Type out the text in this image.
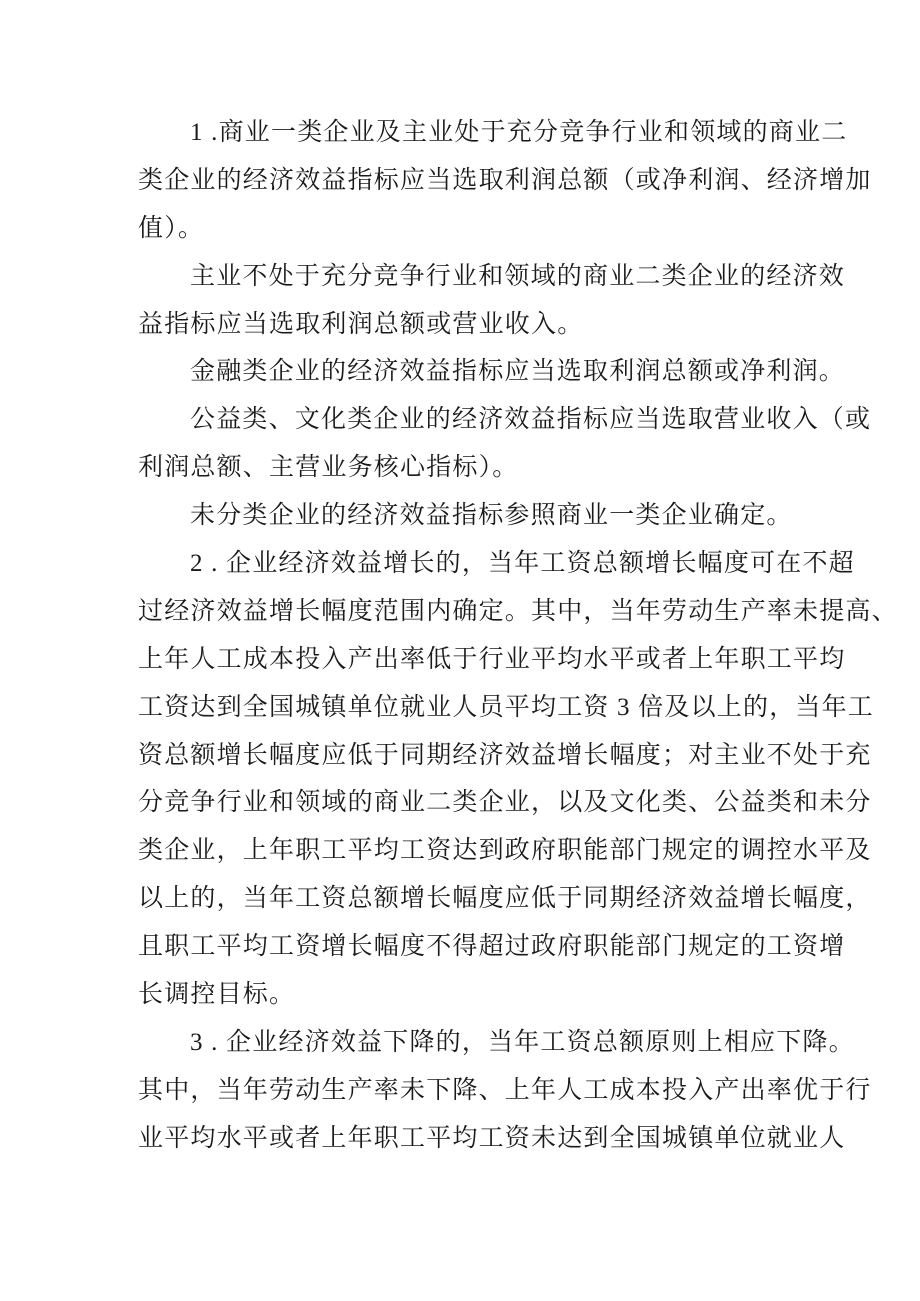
1 .商业一类企业及主业处于充分竞争行业和领域的商业二
类企业的经济效益指标应当选取利润总额（或净利润、经济增加
值）。
主业不处于充分竞争行业和领域的商业二类企业的经济效
益指标应当选取利润总额或营业收入。
金融类企业的经济效益指标应当选取利润总额或净利润。
公益类、文化类企业的经济效益指标应当选取营业收入（或
利润总额、主营业务核心指标）。
未分类企业的经济效益指标参照商业一类企业确定。
2 . 企业经济效益增长的，当年工资总额增长幅度可在不超
过经济效益增长幅度范围内确定。其中，当年劳动生产率未提高、
上年人工成本投入产出率低于行业平均水平或者上年职工平均
工资达到全国城镇单位就业人员平均工资 3 倍及以上的，当年工
资总额增长幅度应低于同期经济效益增长幅度；对主业不处于充
分竞争行业和领域的商业二类企业，以及文化类、公益类和未分
类企业，上年职工平均工资达到政府职能部门规定的调控水平及
以上的，当年工资总额增长幅度应低于同期经济效益增长幅度，
且职工平均工资增长幅度不得超过政府职能部门规定的工资增
长调控目标。
3 . 企业经济效益下降的，当年工资总额原则上相应下降。
其中，当年劳动生产率未下降、上年人工成本投入产出率优于行
业平均水平或者上年职工平均工资未达到全国城镇单位就业人
